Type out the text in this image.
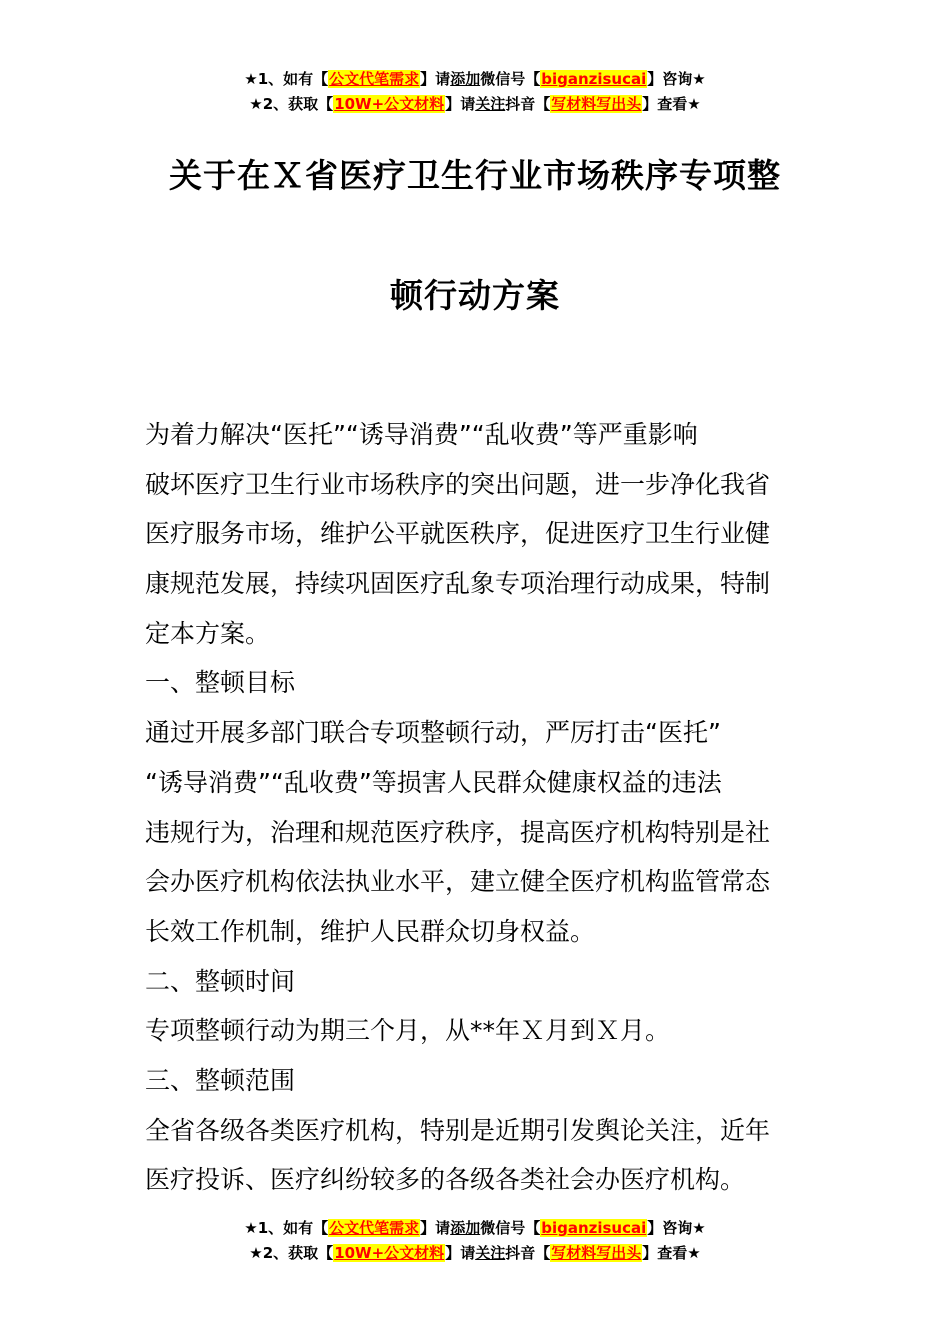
★1、如有【公文代笔需求】请添加微信号【biganzisucai】咨询★
★2、获取【10W+公文材料】请关注抖音【写材料写出头】查看★
关于在Ｘ省医疗卫生行业市场秩序专项整
顿行动方案
为着力解决“医托”“诱导消费”“乱收费”等严重影响
破坏医疗卫生行业市场秩序的突出问题，进一步净化我省
医疗服务市场，维护公平就医秩序，促进医疗卫生行业健
康规范发展，持续巩固医疗乱象专项治理行动成果，特制
定本方案。
一、整顿目标
通过开展多部门联合专项整顿行动，严厉打击“医托”
“诱导消费”“乱收费”等损害人民群众健康权益的违法
违规行为，治理和规范医疗秩序，提高医疗机构特别是社
会办医疗机构依法执业水平，建立健全医疗机构监管常态
长效工作机制，维护人民群众切身权益。
二、整顿时间
专项整顿行动为期三个月，从**年Ｘ月到Ｘ月。
三、整顿范围
全省各级各类医疗机构，特别是近期引发舆论关注，近年
医疗投诉、医疗纠纷较多的各级各类社会办医疗机构。
★1、如有【公文代笔需求】请添加微信号【biganzisucai】咨询★
★2、获取【10W+公文材料】请关注抖音【写材料写出头】查看★
